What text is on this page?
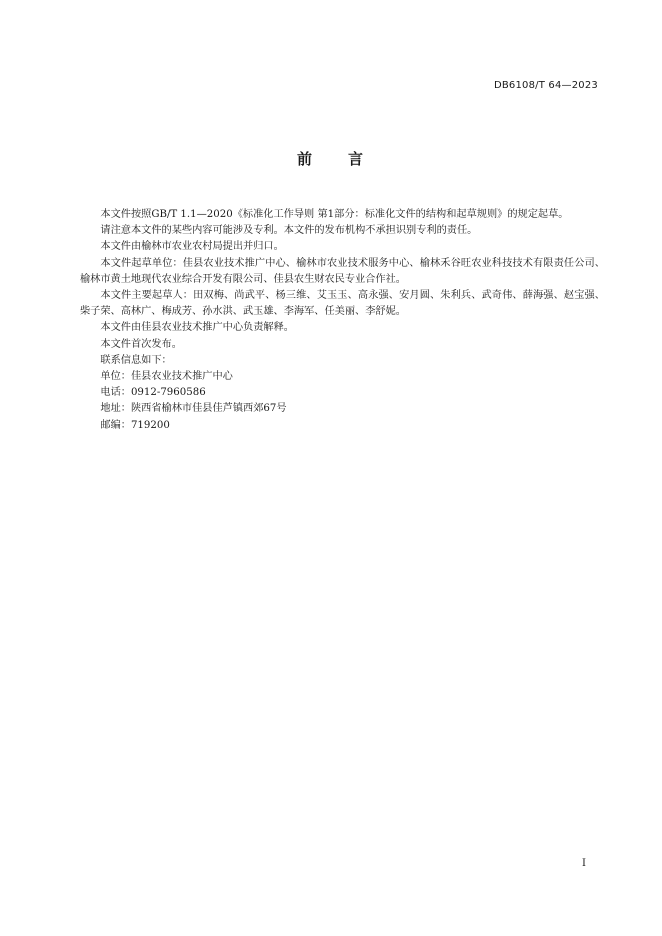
DB6108/T 64—2023
前 言

本文件按照GB/T 1.1—2020《标准化工作导则 第1部分：标准化文件的结构和起草规则》的规定起草。

请注意本文件的某些内容可能涉及专利。本文件的发布机构不承担识别专利的责任。

本文件由榆林市农业农村局提出并归口。

本文件起草单位：佳县农业技术推广中心、榆林市农业技术服务中心、榆林禾谷旺农业科技技术有限责任公司、榆林市黄土地现代农业综合开发有限公司、佳县农生财农民专业合作社。

本文件主要起草人：田双梅、尚武平、杨三维、艾玉玉、高永强、安月圆、朱利兵、武奇伟、薛海强、赵宝强、柴子荣、高林广、梅成芳、孙水洪、武玉雄、李海军、任美丽、李舒妮。

本文件由佳县农业技术推广中心负责解释。

本文件首次发布。

联系信息如下：

单位：佳县农业技术推广中心

电话：0912-7960586

地址：陕西省榆林市佳县佳芦镇西郊67号

邮编：719200

I
